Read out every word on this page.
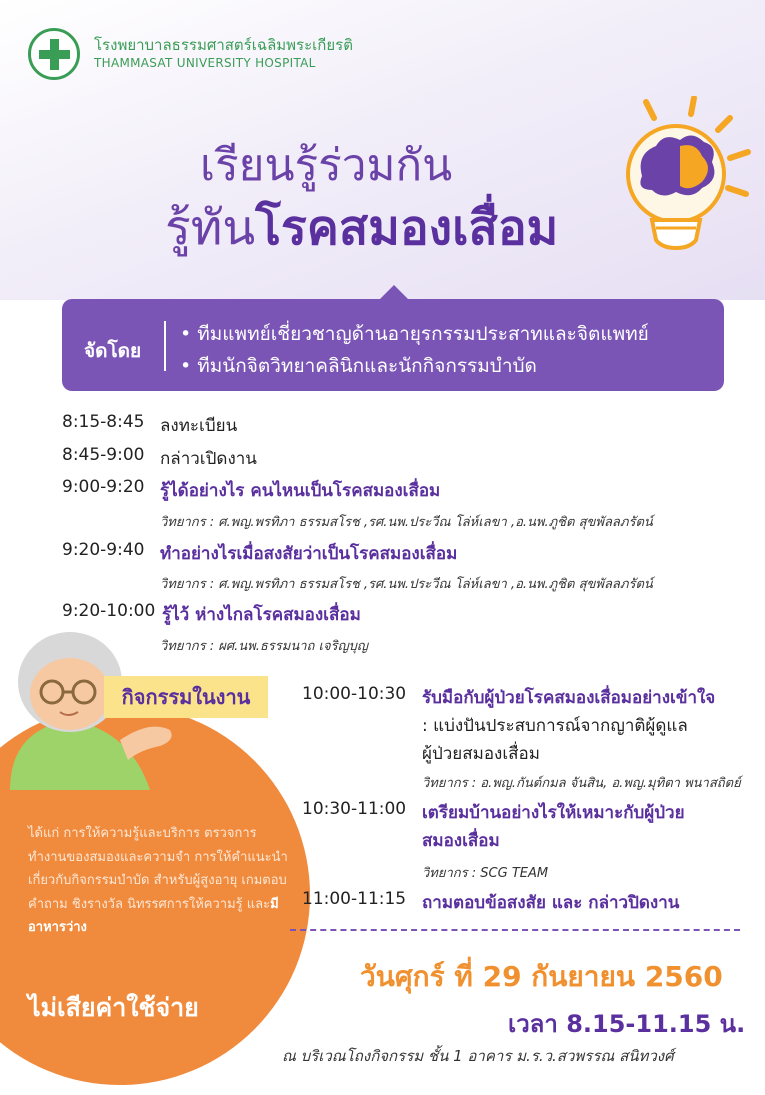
โรงพยาบาลธรรมศาสตร์เฉลิมพระเกียรติ
THAMMASAT UNIVERSITY HOSPITAL
เรียนรู้ร่วมกัน
รู้ทันโรคสมองเสื่อม
จัดโดย
• ทีมแพทย์เชี่ยวชาญด้านอายุรกรรมประสาทและจิตแพทย์
• ทีมนักจิตวิทยาคลินิกและนักกิจกรรมบำบัด
8:15-8:45 ลงทะเบียน
8:45-9:00 กล่าวเปิดงาน
9:00-9:20 รู้ได้อย่างไร คนไหนเป็นโรคสมองเสื่อม
วิทยากร : ศ.พญ.พรทิภา ธรรมสโรช ,รศ.นพ.ประวีณ โล่ห์เลขา ,อ.นพ.ภูชิต สุขพัลลภรัตน์
9:20-9:40 ทำอย่างไรเมื่อสงสัยว่าเป็นโรคสมองเสื่อม
วิทยากร : ศ.พญ.พรทิภา ธรรมสโรช ,รศ.นพ.ประวีณ โล่ห์เลขา ,อ.นพ.ภูชิต สุขพัลลภรัตน์
9:20-10:00 รู้ไว้ ห่างไกลโรคสมองเสื่อม
วิทยากร : ผศ.นพ.ธรรมนาถ เจริญบุญ
กิจกรรมในงาน
ได้แก่ การให้ความรู้และบริการ ตรวจการทำงานของสมองและความจำ การให้คำแนะนำเกี่ยวกับกิจกรรมบำบัด สำหรับผู้สูงอายุ เกมตอบคำถาม ชิงรางวัล นิทรรศการให้ความรู้ และมีอาหารว่าง
ไม่เสียค่าใช้จ่าย
10:00-10:30 รับมือกับผู้ป่วยโรคสมองเสื่อมอย่างเข้าใจ
: แบ่งปันประสบการณ์จากญาติผู้ดูแล
ผู้ป่วยสมองเสื่อม
วิทยากร : อ.พญ.กันต์กมล จันสิน, อ.พญ.มุทิตา พนาสถิตย์
10:30-11:00 เตรียมบ้านอย่างไรให้เหมาะกับผู้ป่วย
สมองเสื่อม
วิทยากร : SCG TEAM
11:00-11:15 ถามตอบข้อสงสัย และ กล่าวปิดงาน
วันศุกร์ ที่ 29 กันยายน 2560
เวลา 8.15-11.15 น.
ณ บริเวณโถงกิจกรรม ชั้น 1 อาคาร ม.ร.ว.สวพรรณ สนิทวงศ์
